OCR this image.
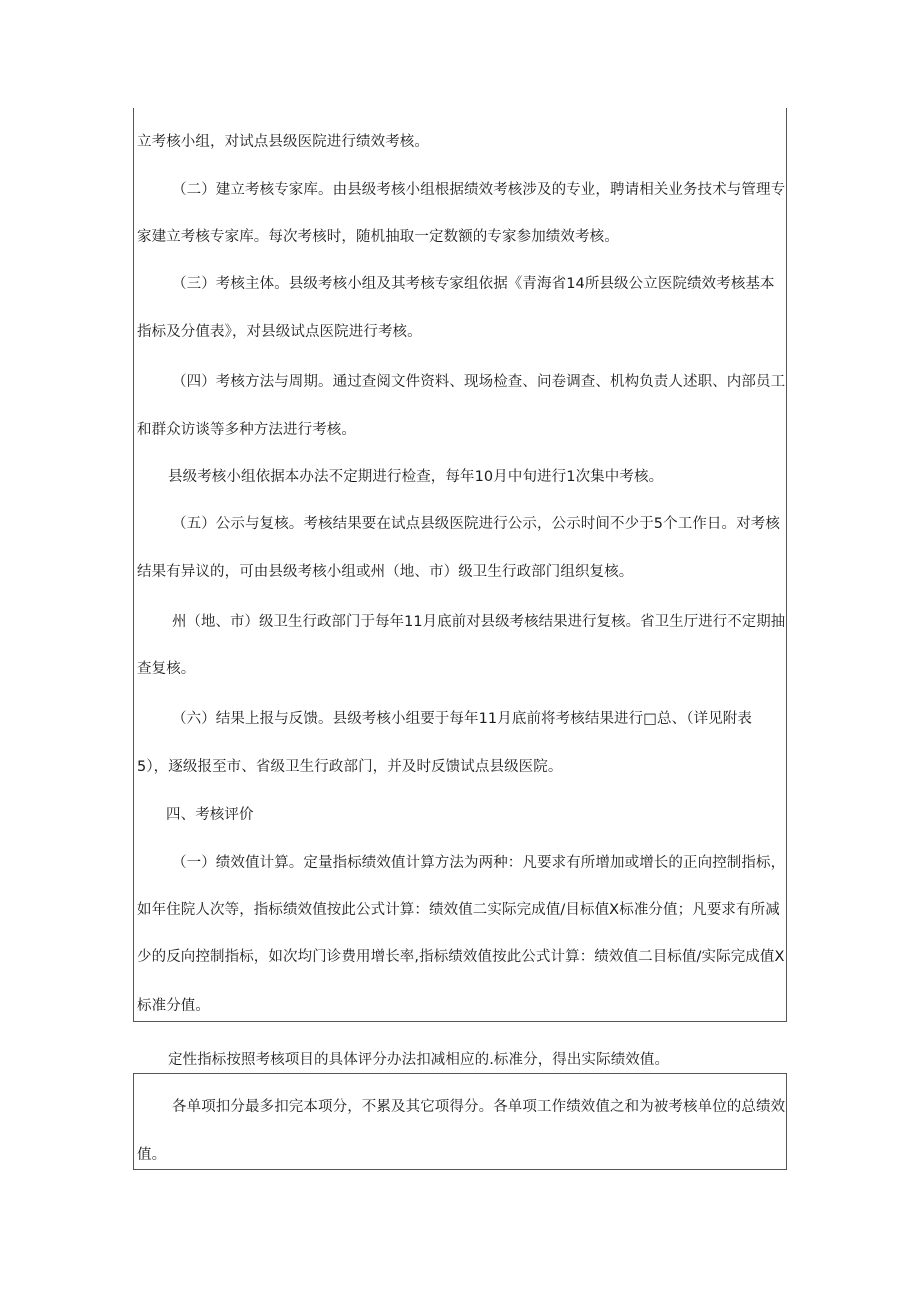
立考核小组，对试点县级医院进行绩效考核。
（二）建立考核专家库。由县级考核小组根据绩效考核涉及的专业，聘请相关业务技术与管理专
家建立考核专家库。每次考核时，随机抽取一定数额的专家参加绩效考核。
（三）考核主体。县级考核小组及其考核专家组依据《青海省14所县级公立医院绩效考核基本
指标及分值表》，对县级试点医院进行考核。
（四）考核方法与周期。通过查阅文件资料、现场检查、问卷调查、机构负责人述职、内部员工
和群众访谈等多种方法进行考核。
县级考核小组依据本办法不定期进行检查，每年10月中旬进行1次集中考核。
（五）公示与复核。考核结果要在试点县级医院进行公示，公示时间不少于5个工作日。对考核
结果有异议的，可由县级考核小组或州（地、市）级卫生行政部门组织复核。
州（地、市）级卫生行政部门于每年11月底前对县级考核结果进行复核。省卫生厅进行不定期抽
查复核。
（六）结果上报与反馈。县级考核小组要于每年11月底前将考核结果进行□总、（详见附表
5），逐级报至市、省级卫生行政部门，并及时反馈试点县级医院。
四、考核评价
（一）绩效值计算。定量指标绩效值计算方法为两种：凡要求有所增加或增长的正向控制指标，
如年住院人次等，指标绩效值按此公式计算：绩效值二实际完成值/目标值X标准分值；凡要求有所减
少的反向控制指标，如次均门诊费用增长率,指标绩效值按此公式计算：绩效值二目标值/实际完成值X
标准分值。
定性指标按照考核项目的具体评分办法扣减相应的.标准分，得出实际绩效值。
各单项扣分最多扣完本项分，不累及其它项得分。各单项工作绩效值之和为被考核单位的总绩效
值。
